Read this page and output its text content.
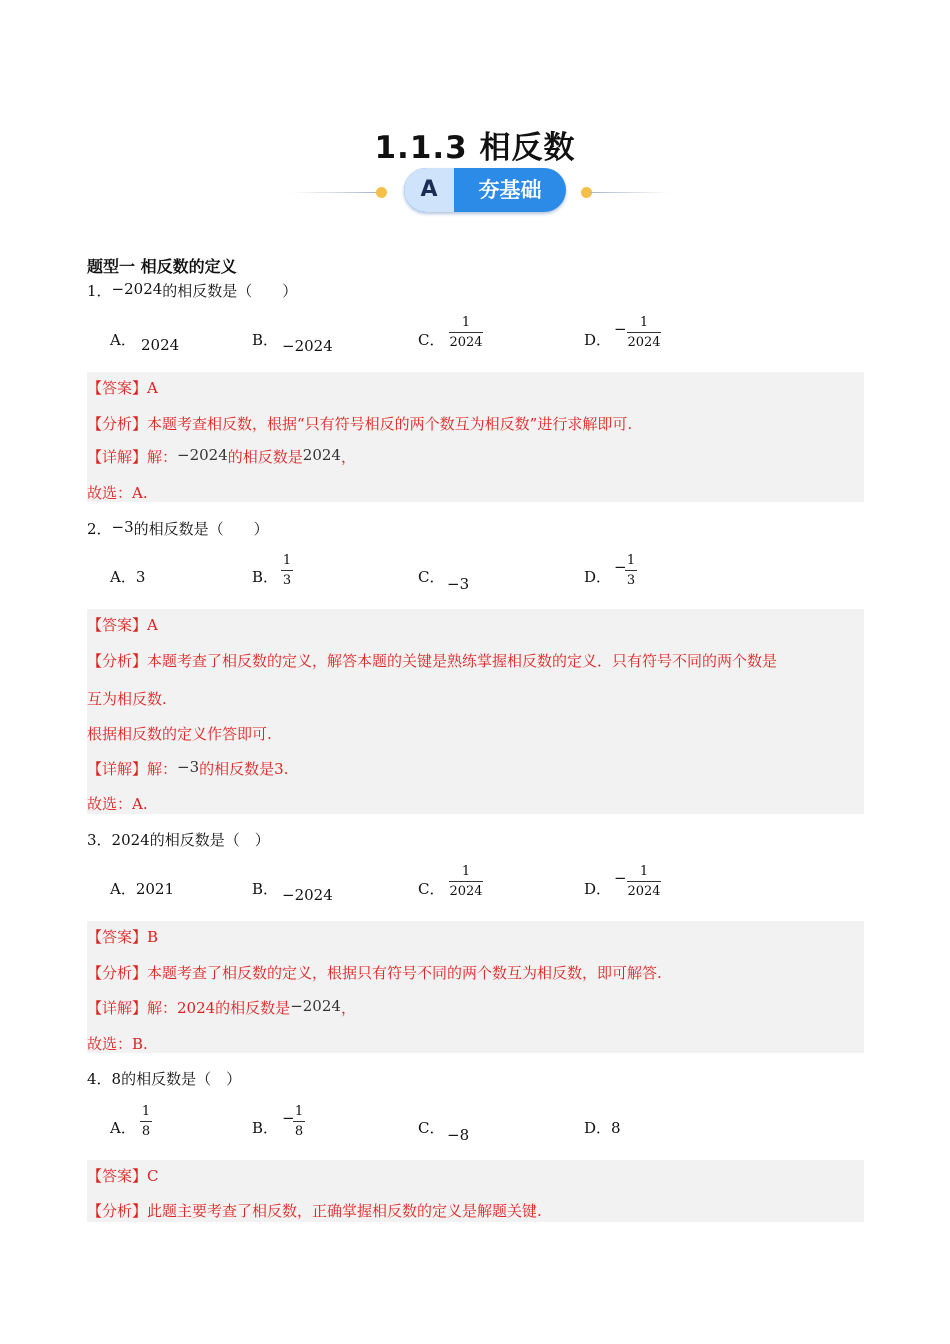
1.1.3 相反数
A	夯基础
题型一 相反数的定义
1．−2024的相反数是（　　）
A． 2024	B． −2024	C．
1
2024	D．
−	1
2024
【答案】A
【分析】本题考查相反数，根据“只有符号相反的两个数互为相反数”进行求解即可.
【详解】解：−2024的相反数是2024，
故选：A.
2．−3的相反数是（　　）
A．3	B．
1
3	C． −3	D．
− 1
3
【答案】A
【分析】本题考查了相反数的定义，解答本题的关键是熟练掌握相反数的定义．只有符号不同的两个数是
互为相反数.
根据相反数的定义作答即可.
【详解】解：−3的相反数是3.
故选：A.
3．2024的相反数是（　）
A．2021	B． −2024	C．
1
2024	D．
−	1
2024
【答案】B
【分析】本题考查了相反数的定义，根据只有符号不同的两个数互为相反数，即可解答.
【详解】解：2024的相反数是−2024，
故选：B.
4．8的相反数是（　）
A．
1
8	B．
− 1
8	C． −8	D．8
【答案】C
【分析】此题主要考查了相反数，正确掌握相反数的定义是解题关键.
